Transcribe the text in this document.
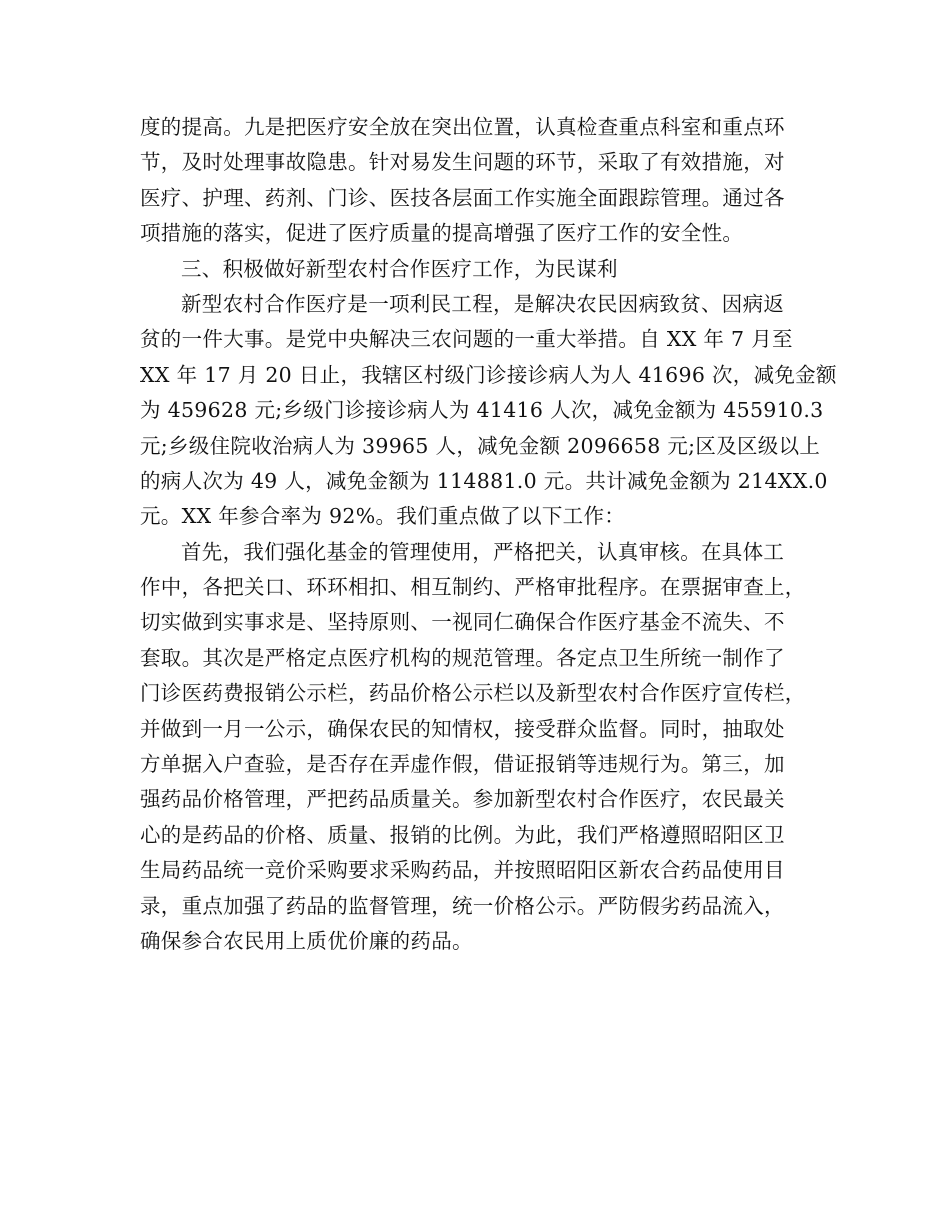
度的提高。九是把医疗安全放在突出位置，认真检查重点科室和重点环
节，及时处理事故隐患。针对易发生问题的环节，采取了有效措施，对
医疗、护理、药剂、门诊、医技各层面工作实施全面跟踪管理。通过各
项措施的落实，促进了医疗质量的提高增强了医疗工作的安全性。
三、积极做好新型农村合作医疗工作，为民谋利
新型农村合作医疗是一项利民工程，是解决农民因病致贫、因病返
贫的一件大事。是党中央解决三农问题的一重大举措。自 XX 年 7 月至
XX 年 17 月 20 日止，我辖区村级门诊接诊病人为人 41696 次，减免金额
为 459628 元;乡级门诊接诊病人为 41416 人次，减免金额为 455910.3
元;乡级住院收治病人为 39965 人，减免金额 2096658 元;区及区级以上
的病人次为 49 人，减免金额为 114881.0 元。共计减免金额为 214XX.0
元。XX 年参合率为 92%。我们重点做了以下工作：
首先，我们强化基金的管理使用，严格把关，认真审核。在具体工
作中，各把关口、环环相扣、相互制约、严格审批程序。在票据审查上，
切实做到实事求是、坚持原则、一视同仁确保合作医疗基金不流失、不
套取。其次是严格定点医疗机构的规范管理。各定点卫生所统一制作了
门诊医药费报销公示栏，药品价格公示栏以及新型农村合作医疗宣传栏，
并做到一月一公示，确保农民的知情权，接受群众监督。同时，抽取处
方单据入户查验，是否存在弄虚作假，借证报销等违规行为。第三，加
强药品价格管理，严把药品质量关。参加新型农村合作医疗，农民最关
心的是药品的价格、质量、报销的比例。为此，我们严格遵照昭阳区卫
生局药品统一竞价采购要求采购药品，并按照昭阳区新农合药品使用目
录，重点加强了药品的监督管理，统一价格公示。严防假劣药品流入，
确保参合农民用上质优价廉的药品。
